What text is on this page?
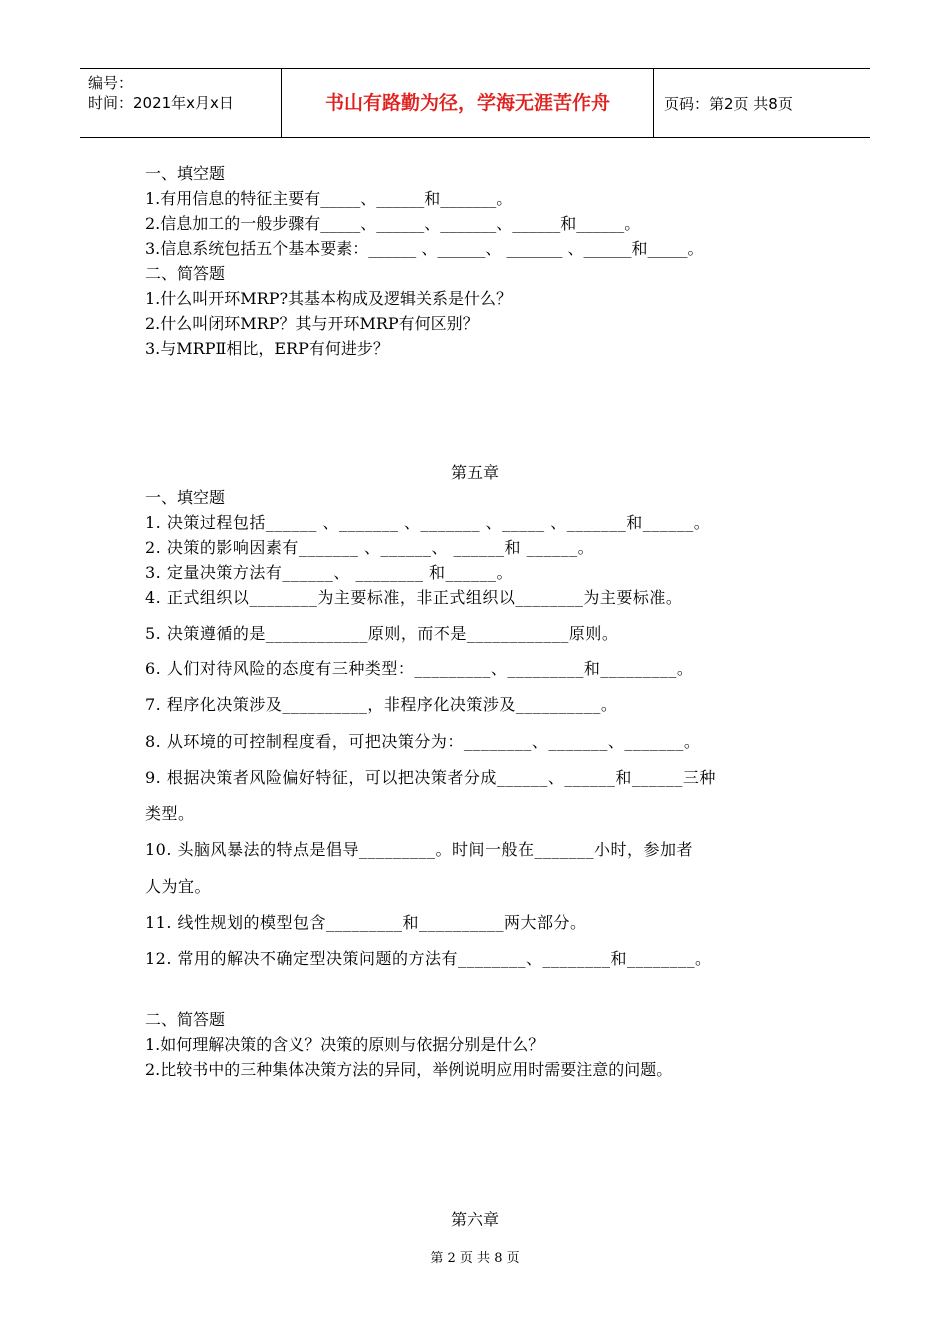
编号：
时间：2021年x月x日	书山有路勤为径，学海无涯苦作舟	页码：第2页 共8页
一、填空题
1.有用信息的特征主要有_____、______和_______。
2.信息加工的一般步骤有_____、______、_______、______和______。
3.信息系统包括五个基本要素：______ 、______、 _______ 、______和_____。
二、简答题
1.什么叫开环MRP?其基本构成及逻辑关系是什么？
2.什么叫闭环MRP？其与开环MRP有何区别？
3.与MRPⅡ相比，ERP有何进步？
第五章
一、填空题
1. 决策过程包括______ 、_______ 、_______ 、_____ 、_______和______。
2. 决策的影响因素有_______ 、______、 ______和 ______。
3. 定量决策方法有______、 ________ 和______。
4. 正式组织以________为主要标准，非正式组织以________为主要标准。
5. 决策遵循的是____________原则，而不是____________原则。
6. 人们对待风险的态度有三种类型：_________、_________和_________。
7. 程序化决策涉及__________，非程序化决策涉及__________。
8. 从环境的可控制程度看，可把决策分为：________、_______、_______。
9. 根据决策者风险偏好特征，可以把决策者分成______、______和______三种
类型。
10. 头脑风暴法的特点是倡导_________。时间一般在_______小时，参加者
人为宜。
11. 线性规划的模型包含_________和__________两大部分。
12. 常用的解决不确定型决策问题的方法有________、________和________。
二、简答题
1.如何理解决策的含义？决策的原则与依据分别是什么？
2.比较书中的三种集体决策方法的异同，举例说明应用时需要注意的问题。
第六章
第 2 页 共 8 页
